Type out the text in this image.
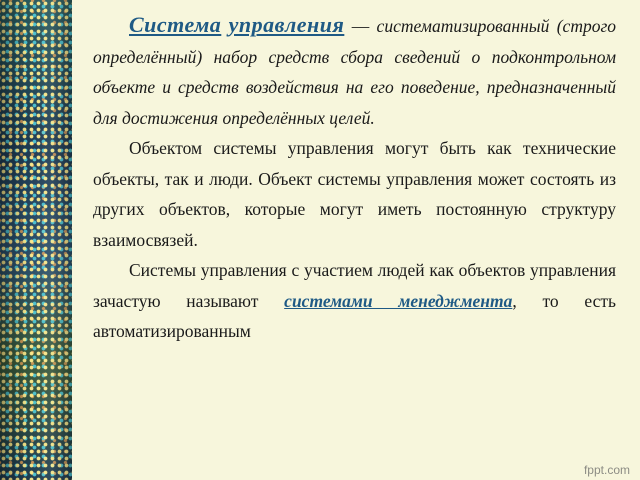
Система управления — систематизированный (строго определённый) набор средств сбора сведений о подконтрольном объекте и средств воздействия на его поведение, предназначенный для достижения определённых целей.

Объектом системы управления могут быть как технические объекты, так и люди. Объект системы управления может состоять из других объектов, которые могут иметь постоянную структуру взаимосвязей.

Системы управления с участием людей как объектов управления зачастую называют системами менеджмента, то есть автоматизированным

fppt.com
